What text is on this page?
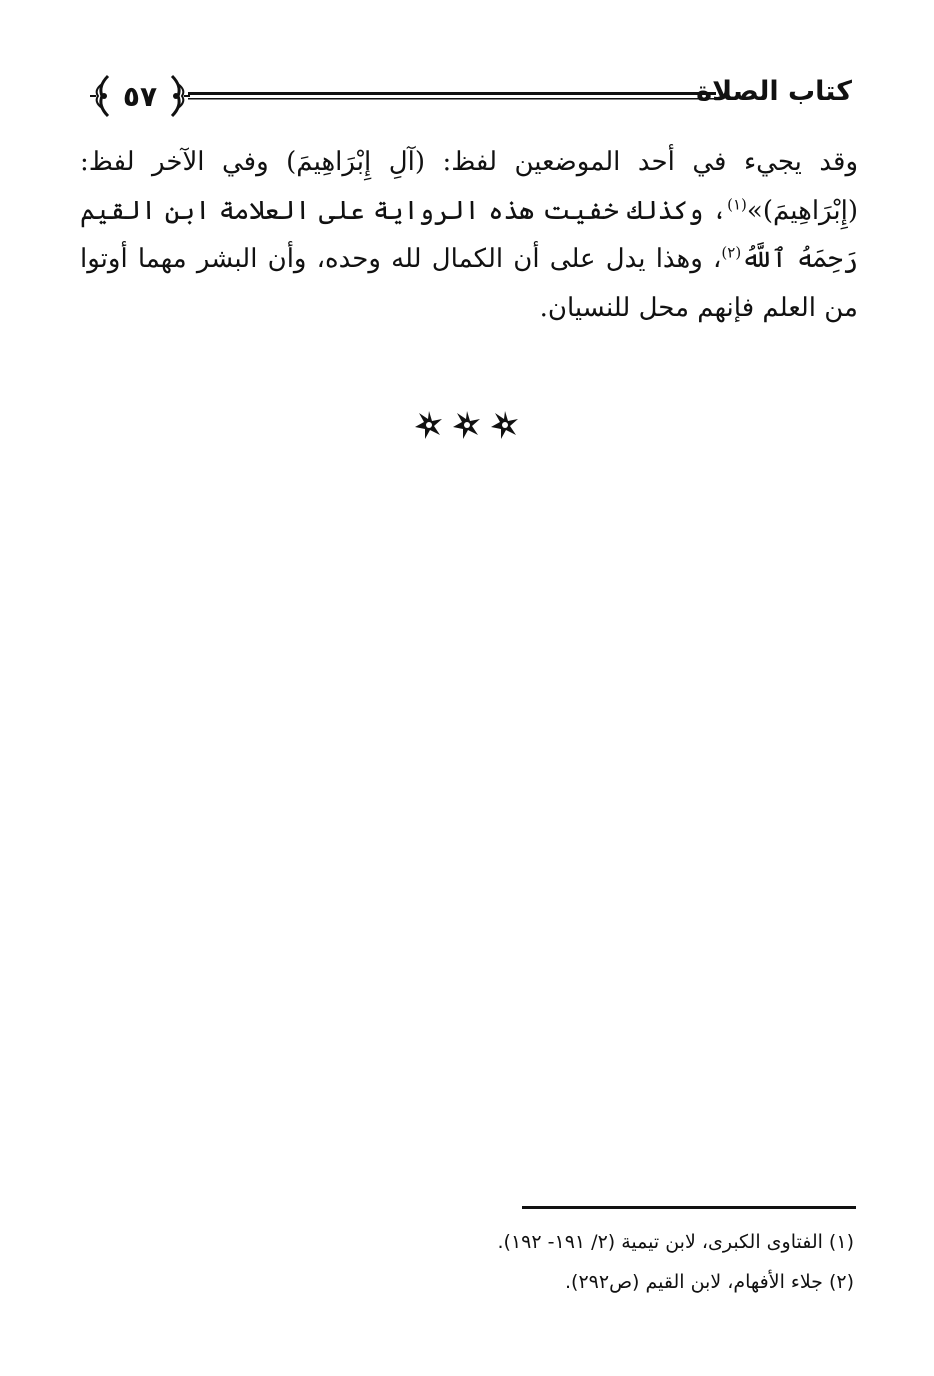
٥٧	كتاب الصلاة

وقد يجيء في أحد الموضعين لفظ: (آلِ إِبْرَاهِيمَ) وفي الآخر لفظ: (إِبْرَاهِيمَ)»$^{(١)}$، وكذلك خفيت هذه الرواية على العلامة ابن القيم رَحِمَهُ ٱللَّهُ$^{(٢)}$، وهذا يدل على أن الكمال لله وحده، وأن البشر مهما أوتوا من العلم فإنهم محل للنسيان.

(١) الفتاوى الكبرى، لابن تيمية (٢/ ١٩١- ١٩٢).

(٢) جلاء الأفهام، لابن القيم (ص٢٩٢).
